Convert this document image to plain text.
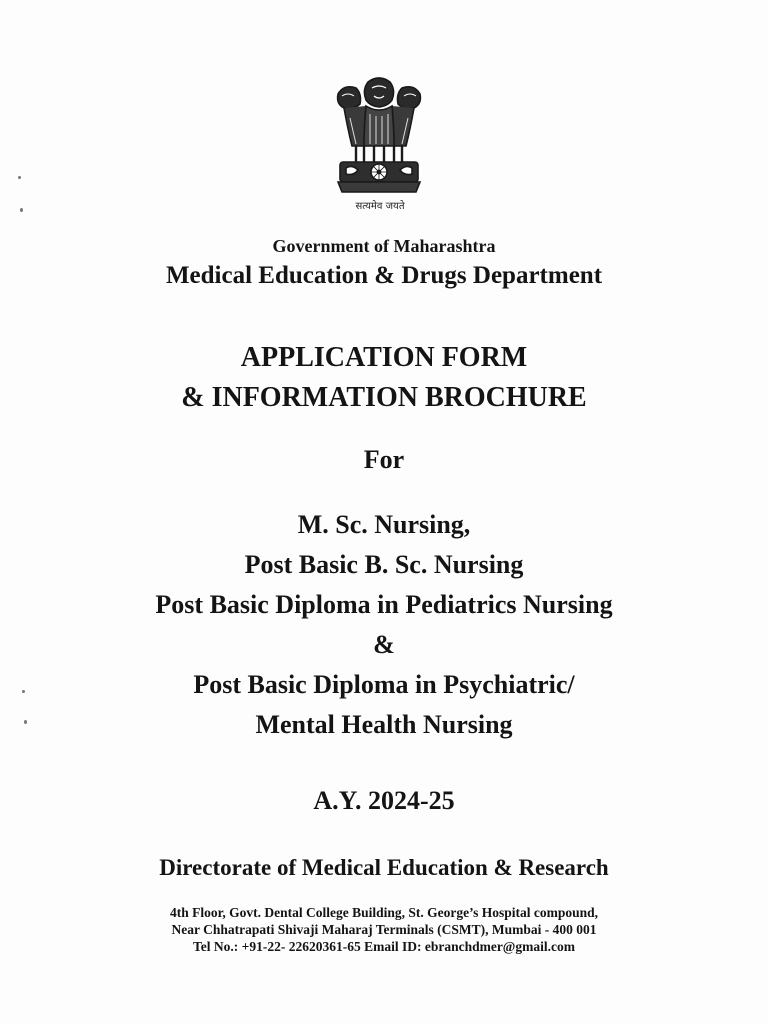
सत्यमेव जयते
Government of Maharashtra
Medical Education & Drugs Department
APPLICATION FORM
& INFORMATION BROCHURE
For
M. Sc. Nursing,
Post Basic B. Sc. Nursing
Post Basic Diploma in Pediatrics Nursing
&
Post Basic Diploma in Psychiatric/
Mental Health Nursing
A.Y. 2024-25
Directorate of Medical Education & Research
4th Floor, Govt. Dental College Building, St. George’s Hospital compound,
Near Chhatrapati Shivaji Maharaj Terminals (CSMT), Mumbai - 400 001
Tel No.: +91-22- 22620361-65 Email ID: ebranchdmer@gmail.com
